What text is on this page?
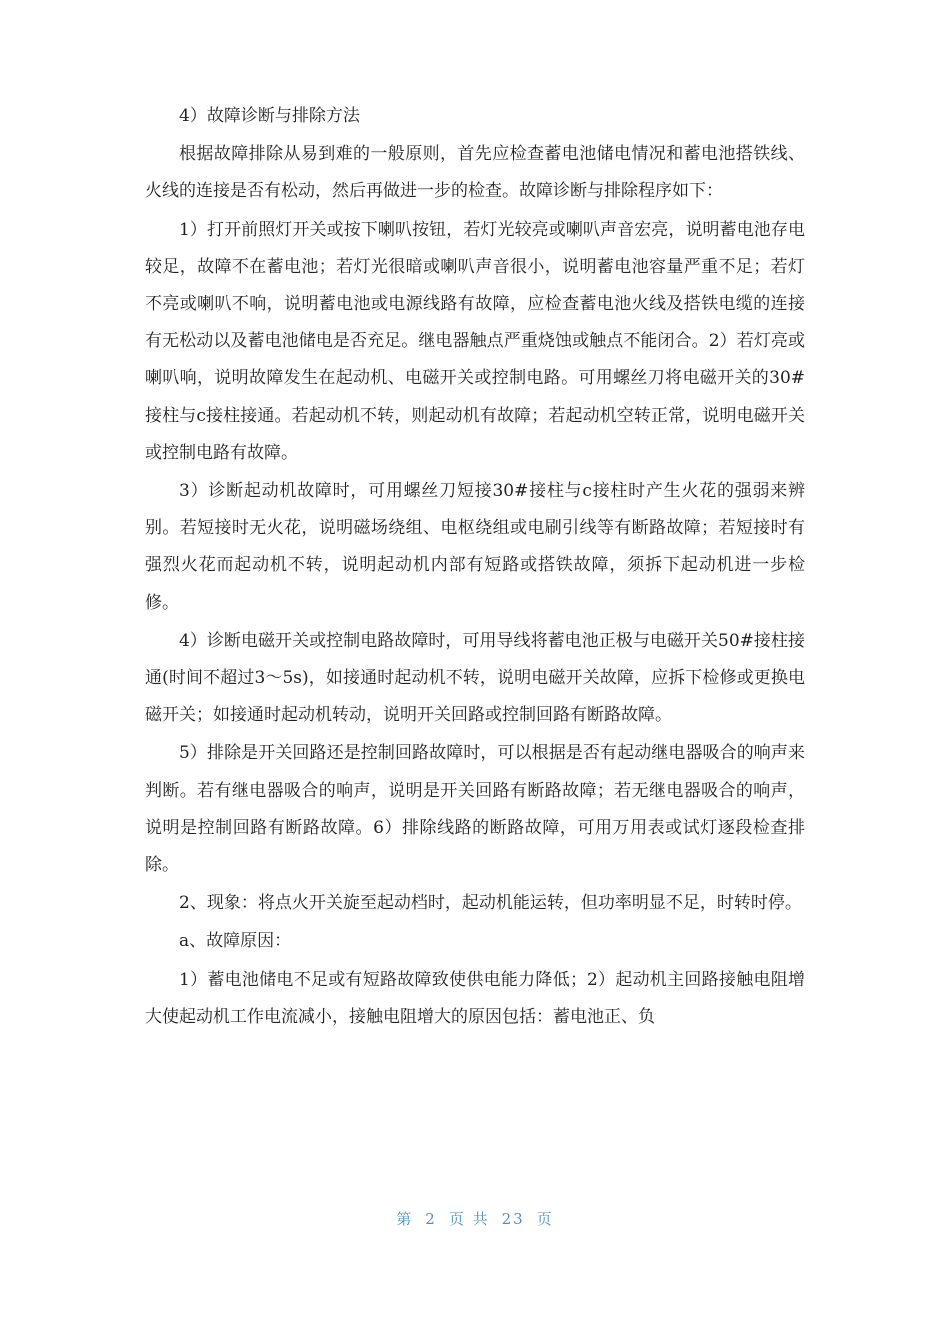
4）故障诊断与排除方法

根据故障排除从易到难的一般原则，首先应检查蓄电池储电情况和蓄电池搭铁线、火线的连接是否有松动，然后再做进一步的检查。故障诊断与排除程序如下：

1）打开前照灯开关或按下喇叭按钮，若灯光较亮或喇叭声音宏亮，说明蓄电池存电较足，故障不在蓄电池；若灯光很暗或喇叭声音很小，说明蓄电池容量严重不足；若灯不亮或喇叭不响，说明蓄电池或电源线路有故障，应检查蓄电池火线及搭铁电缆的连接有无松动以及蓄电池储电是否充足。继电器触点严重烧蚀或触点不能闭合。2）若灯亮或喇叭响，说明故障发生在起动机、电磁开关或控制电路。可用螺丝刀将电磁开关的30#接柱与c接柱接通。若起动机不转，则起动机有故障；若起动机空转正常，说明电磁开关或控制电路有故障。

3）诊断起动机故障时，可用螺丝刀短接30#接柱与c接柱时产生火花的强弱来辨别。若短接时无火花，说明磁场绕组、电枢绕组或电刷引线等有断路故障；若短接时有强烈火花而起动机不转，说明起动机内部有短路或搭铁故障，须拆下起动机进一步检修。

4）诊断电磁开关或控制电路故障时，可用导线将蓄电池正极与电磁开关50#接柱接通(时间不超过3～5s)，如接通时起动机不转，说明电磁开关故障，应拆下检修或更换电磁开关；如接通时起动机转动，说明开关回路或控制回路有断路故障。

5）排除是开关回路还是控制回路故障时，可以根据是否有起动继电器吸合的响声来判断。若有继电器吸合的响声，说明是开关回路有断路故障；若无继电器吸合的响声，说明是控制回路有断路故障。6）排除线路的断路故障，可用万用表或试灯逐段检查排除。

2、现象：将点火开关旋至起动档时，起动机能运转，但功率明显不足，时转时停。

a、故障原因：

1）蓄电池储电不足或有短路故障致使供电能力降低；2）起动机主回路接触电阻增大使起动机工作电流减小，接触电阻增大的原因包括：蓄电池正、负

第 2 页 共 23 页
